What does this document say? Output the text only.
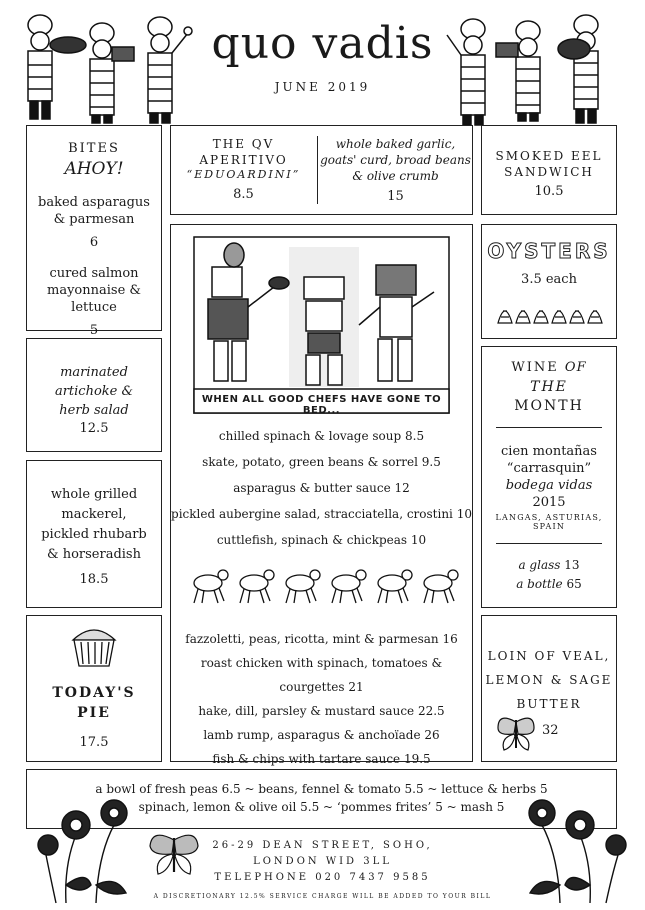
quo vadis
JUNE 2019
BITES
AHOY!
baked asparagus
& parmesan
6
cured salmon
mayonnaise & lettuce
5
marinated
artichoke &
herb salad
12.5
whole grilled
mackerel,
pickled rhubarb
& horseradish
18.5
TODAY'S
PIE
17.5
THE QV
APERITIVO
“EDUOARDINI”
8.5
whole baked garlic,
goats' curd, broad beans
& olive crumb
15
WHEN ALL GOOD CHEFS HAVE GONE TO BED...
chilled spinach & lovage soup 8.5
skate, potato, green beans & sorrel 9.5
asparagus & butter sauce 12
pickled aubergine salad, stracciatella, crostini 10
cuttlefish, spinach & chickpeas 10
fazzoletti, peas, ricotta, mint & parmesan 16
roast chicken with spinach, tomatoes & courgettes 21
hake, dill, parsley & mustard sauce 22.5
lamb rump, asparagus & anchoïade 26
fish & chips with tartare sauce 19.5
SMOKED EEL
SANDWICH
10.5
OYSTERS
3.5 each
WINE OF
THE
MONTH
cien montañas
“carrasquin”
bodega vidas
2015
LANGAS, ASTURIAS, SPAIN
a glass 13
a bottle 65
LOIN OF VEAL,
LEMON & SAGE
BUTTER
32
a bowl of fresh peas 6.5 ~ beans, fennel & tomato 5.5 ~ lettuce & herbs 5
spinach, lemon & olive oil 5.5 ~ ‘pommes frites’ 5 ~ mash 5
26-29 DEAN STREET, SOHO,
LONDON WID 3LL
TELEPHONE 020 7437 9585
A DISCRETIONARY 12.5% SERVICE CHARGE WILL BE ADDED TO YOUR BILL
